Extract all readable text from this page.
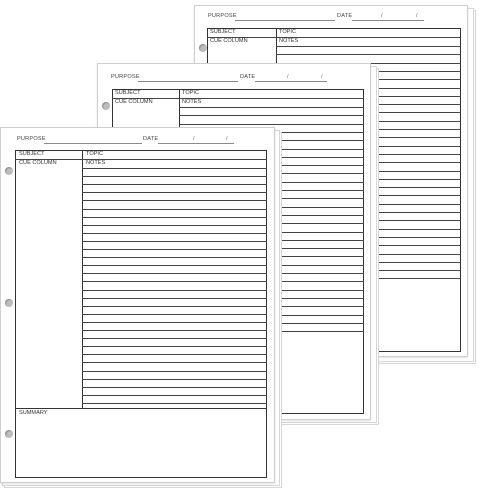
PURPOSE	DATE	/	/
SUBJECT	TOPIC
CUE COLUMN	NOTES
PURPOSE	DATE	/	/
SUBJECT	TOPIC
CUE COLUMN	NOTES
PURPOSE	DATE	/	/
SUBJECT	TOPIC
CUE COLUMN	NOTES
SUMMARY
